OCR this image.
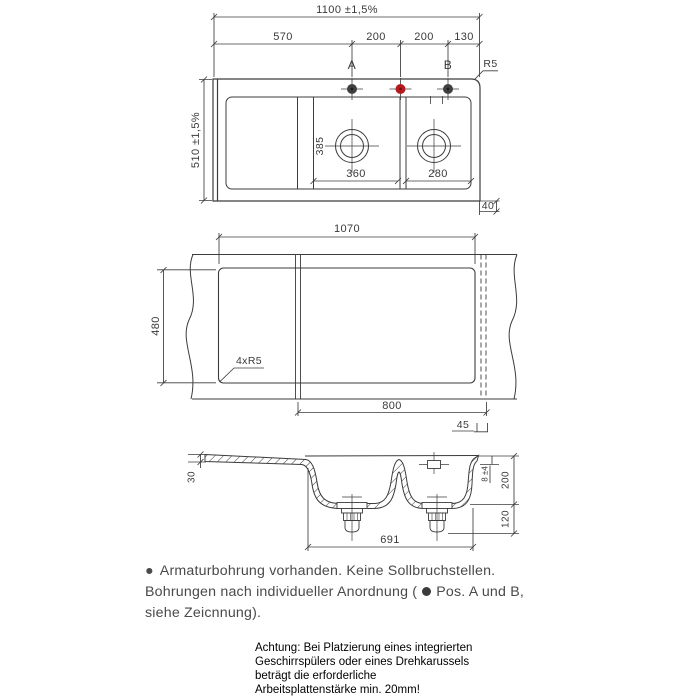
1100 ±1,5%
570	200	200 130
A	B	R5
510 ±1,5%	385
360	280
40
1070
480
4xR5
800
45
30	8 ±4 200
120
691
● Armaturbohrung vorhanden. Keine Sollbruchstellen.
Bohrungen nach individueller Anordnung ( Pos. A und B,
siehe Zeicnnung).
Achtung: Bei Platzierung eines integrierten
Geschirrspülers oder eines Drehkarussels
beträgt die erforderliche
Arbeitsplattenstärke min. 20mm!
